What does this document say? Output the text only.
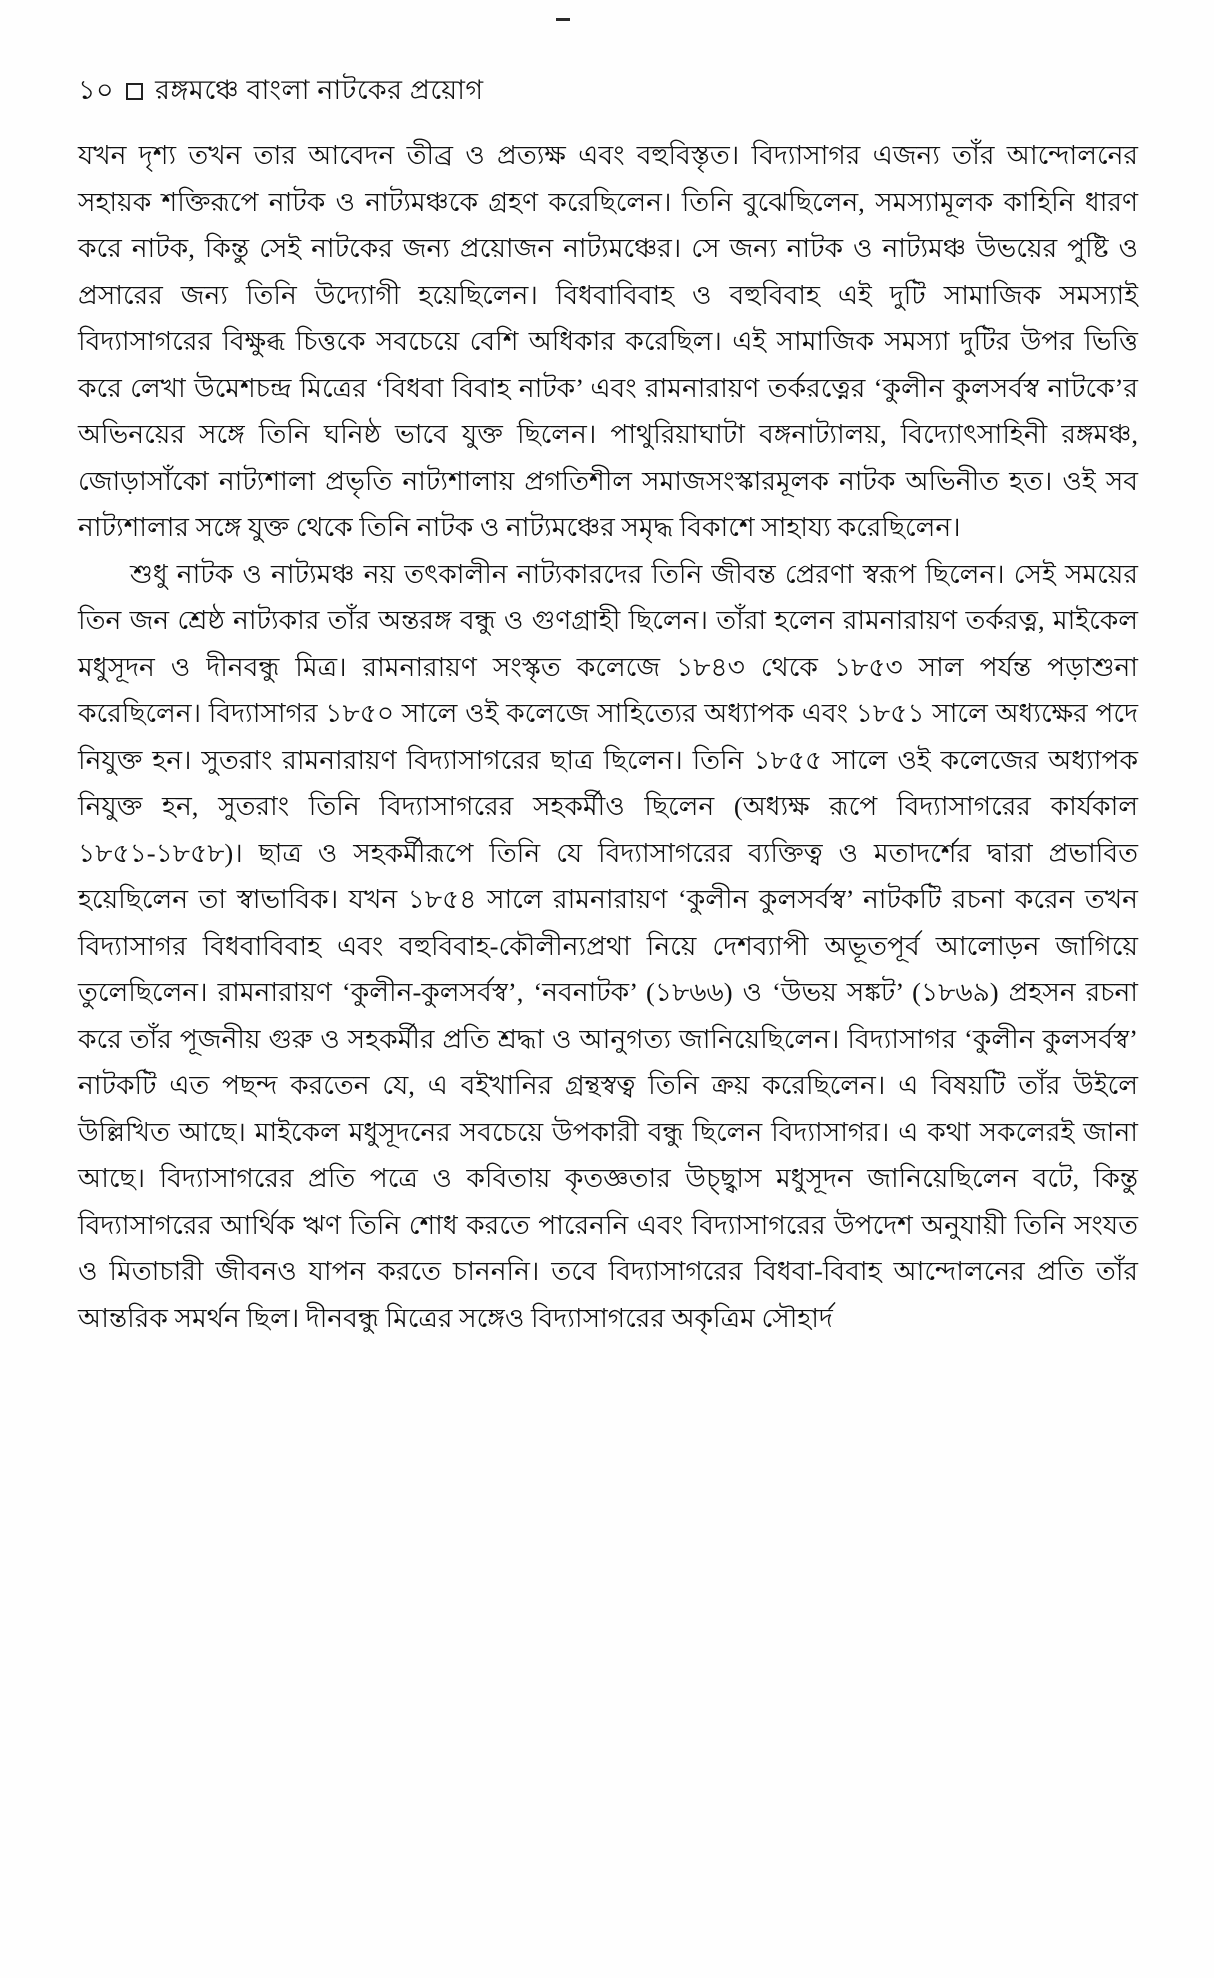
১০ রঙ্গমঞ্চে বাংলা নাটকের প্রয়োগ

যখন দৃশ্য তখন তার আবেদন তীব্র ও প্রত্যক্ষ এবং বহুবিস্তৃত। বিদ্যাসাগর এজন্য তাঁর আন্দোলনের সহায়ক শক্তিরূপে নাটক ও নাট্যমঞ্চকে গ্রহণ করেছিলেন। তিনি বুঝেছিলেন, সমস্যামূলক কাহিনি ধারণ করে নাটক, কিন্তু সেই নাটকের জন্য প্রয়োজন নাট্যমঞ্চের। সে জন্য নাটক ও নাট্যমঞ্চ উভয়ের পুষ্টি ও প্রসারের জন্য তিনি উদ্যোগী হয়েছিলেন। বিধবাবিবাহ ও বহুবিবাহ এই দুটি সামাজিক সমস্যাই বিদ্যাসাগরের বিক্ষুব্ধ চিত্তকে সবচেয়ে বেশি অধিকার করেছিল। এই সামাজিক সমস্যা দুটির উপর ভিত্তি করে লেখা উমেশচন্দ্র মিত্রের ‘বিধবা বিবাহ নাটক’ এবং রামনারায়ণ তর্করত্নের ‘কুলীন কুলসর্বস্ব নাটকে’র অভিনয়ের সঙ্গে তিনি ঘনিষ্ঠ ভাবে যুক্ত ছিলেন। পাথুরিয়াঘাটা বঙ্গনাট্যালয়, বিদ্যোৎসাহিনী রঙ্গমঞ্চ, জোড়াসাঁকো নাট্যশালা প্রভৃতি নাট্যশালায় প্রগতিশীল সমাজসংস্কারমূলক নাটক অভিনীত হত। ওই সব নাট্যশালার সঙ্গে যুক্ত থেকে তিনি নাটক ও নাট্যমঞ্চের সমৃদ্ধ বিকাশে সাহায্য করেছিলেন।

শুধু নাটক ও নাট্যমঞ্চ নয় তৎকালীন নাট্যকারদের তিনি জীবন্ত প্রেরণা স্বরূপ ছিলেন। সেই সময়ের তিন জন শ্রেষ্ঠ নাট্যকার তাঁর অন্তরঙ্গ বন্ধু ও গুণগ্রাহী ছিলেন। তাঁরা হলেন রামনারায়ণ তর্করত্ন, মাইকেল মধুসূদন ও দীনবন্ধু মিত্র। রামনারায়ণ সংস্কৃত কলেজে ১৮৪৩ থেকে ১৮৫৩ সাল পর্যন্ত পড়াশুনা করেছিলেন। বিদ্যাসাগর ১৮৫০ সালে ওই কলেজে সাহিত্যের অধ্যাপক এবং ১৮৫১ সালে অধ্যক্ষের পদে নিযুক্ত হন। সুতরাং রামনারায়ণ বিদ্যাসাগরের ছাত্র ছিলেন। তিনি ১৮৫৫ সালে ওই কলেজের অধ্যাপক নিযুক্ত হন, সুতরাং তিনি বিদ্যাসাগরের সহকর্মীও ছিলেন (অধ্যক্ষ রূপে বিদ্যাসাগরের কার্যকাল ১৮৫১-১৮৫৮)। ছাত্র ও সহকর্মীরূপে তিনি যে বিদ্যাসাগরের ব্যক্তিত্ব ও মতাদর্শের দ্বারা প্রভাবিত হয়েছিলেন তা স্বাভাবিক। যখন ১৮৫৪ সালে রামনারায়ণ ‘কুলীন কুলসর্বস্ব’ নাটকটি রচনা করেন তখন বিদ্যাসাগর বিধবাবিবাহ এবং বহুবিবাহ-কৌলীন্যপ্রথা নিয়ে দেশব্যাপী অভূতপূর্ব আলোড়ন জাগিয়ে তুলেছিলেন। রামনারায়ণ ‘কুলীন-কুলসর্বস্ব’, ‘নবনাটক’ (১৮৬৬) ও ‘উভয় সঙ্কট’ (১৮৬৯) প্রহসন রচনা করে তাঁর পূজনীয় গুরু ও সহকর্মীর প্রতি শ্রদ্ধা ও আনুগত্য জানিয়েছিলেন। বিদ্যাসাগর ‘কুলীন কুলসর্বস্ব’ নাটকটি এত পছন্দ করতেন যে, এ বইখানির গ্রন্থস্বত্ব তিনি ক্রয় করেছিলেন। এ বিষয়টি তাঁর উইলে উল্লিখিত আছে। মাইকেল মধুসূদনের সবচেয়ে উপকারী বন্ধু ছিলেন বিদ্যাসাগর। এ কথা সকলেরই জানা আছে। বিদ্যাসাগরের প্রতি পত্রে ও কবিতায় কৃতজ্ঞতার উচ্ছ্বাস মধুসূদন জানিয়েছিলেন বটে, কিন্তু বিদ্যাসাগরের আর্থিক ঋণ তিনি শোধ করতে পারেননি এবং বিদ্যাসাগরের উপদেশ অনুযায়ী তিনি সংযত ও মিতাচারী জীবনও যাপন করতে চানননি। তবে বিদ্যাসাগরের বিধবা-বিবাহ আন্দোলনের প্রতি তাঁর আন্তরিক সমর্থন ছিল। দীনবন্ধু মিত্রের সঙ্গেও বিদ্যাসাগরের অকৃত্রিম সৌহার্দ
